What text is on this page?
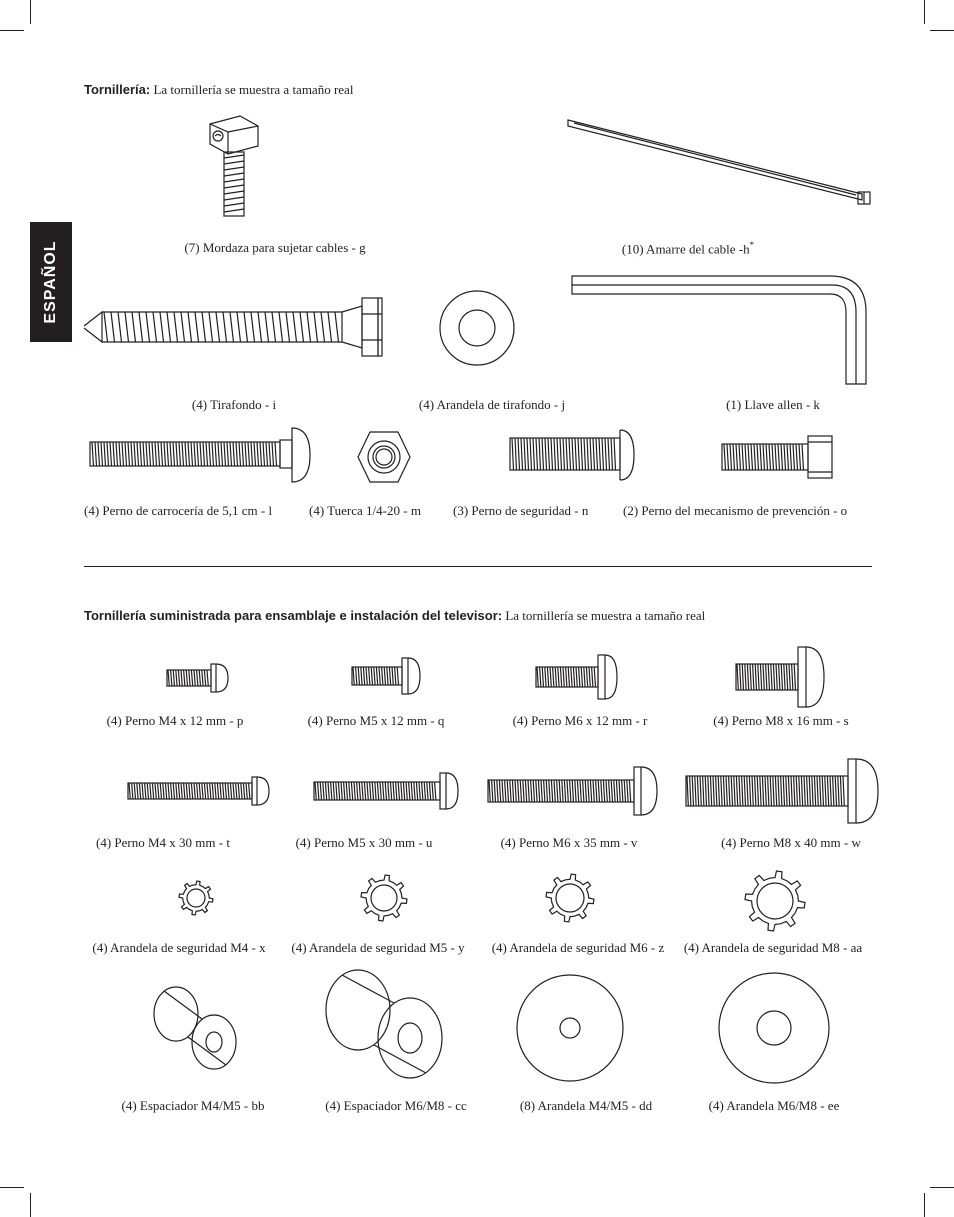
ESPAÑOL
Tornillería: La tornillería se muestra a tamaño real
(7) Mordaza para sujetar cables - g	(10) Amarre del cable -h*
(4) Tirafondo - i	(4) Arandela de tirafondo - j	(1) Llave allen - k
(4) Perno de carrocería de 5,1 cm - l	(4) Tuerca 1/4-20 - m (3) Perno de seguridad - n	(2) Perno del mecanismo de prevención - o
Tornillería suministrada para ensamblaje e instalación del televisor: La tornillería se muestra a tamaño real
(4) Perno M4 x 12 mm - p	(4) Perno M5 x 12 mm - q	(4) Perno M6 x 12 mm - r	(4) Perno M8 x 16 mm - s
(4) Perno M4 x 30 mm - t	(4) Perno M5 x 30 mm - u	(4) Perno M6 x 35 mm - v	(4) Perno M8 x 40 mm - w
(4) Arandela de seguridad M4 - x (4) Arandela de seguridad M5 - y (4) Arandela de seguridad M6 - z (4) Arandela de seguridad M8 - aa
(4) Espaciador M4/M5 - bb	(4) Espaciador M6/M8 - cc	(8) Arandela M4/M5 - dd	(4) Arandela M6/M8 - ee
